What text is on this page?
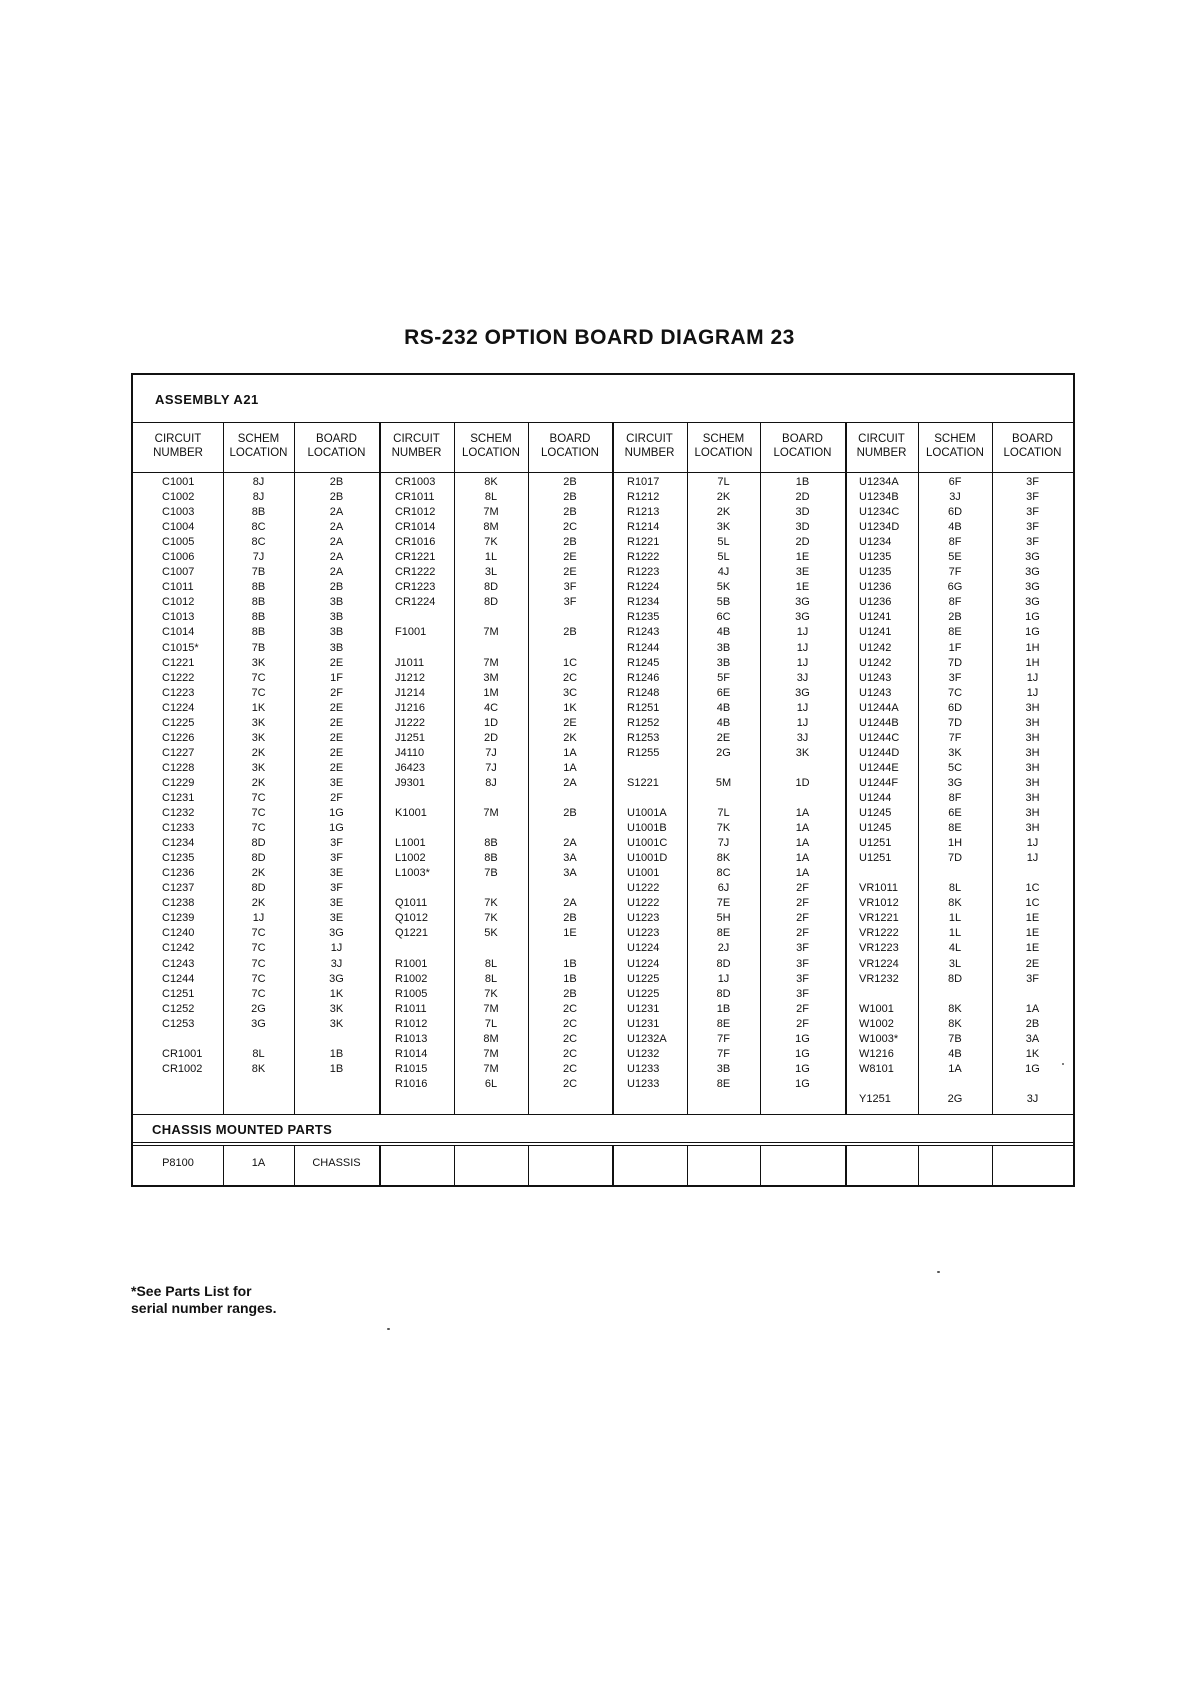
RS-232 OPTION BOARD DIAGRAM 23
ASSEMBLY A21
CIRCUIT
NUMBER
SCHEM
LOCATION
BOARD
LOCATION
CIRCUIT
NUMBER
SCHEM
LOCATION
BOARD
LOCATION
CIRCUIT
NUMBER
SCHEM
LOCATION
BOARD
LOCATION
CIRCUIT
NUMBER
SCHEM
LOCATION
BOARD
LOCATION
C1001
C1002
C1003
C1004
C1005
C1006
C1007
C1011
C1012
C1013
C1014
C1015*
C1221
C1222
C1223
C1224
C1225
C1226
C1227
C1228
C1229
C1231
C1232
C1233
C1234
C1235
C1236
C1237
C1238
C1239
C1240
C1242
C1243
C1244
C1251
C1252
C1253
CR1001
CR1002
8J
8J
8B
8C
8C
7J
7B
8B
8B
8B
8B
7B
3K
7C
7C
1K
3K
3K
2K
3K
2K
7C
7C
7C
8D
8D
2K
8D
2K
1J
7C
7C
7C
7C
7C
2G
3G
8L
8K
2B
2B
2A
2A
2A
2A
2A
2B
3B
3B
3B
3B
2E
1F
2F
2E
2E
2E
2E
2E
3E
2F
1G
1G
3F
3F
3E
3F
3E
3E
3G
1J
3J
3G
1K
3K
3K
1B
1B
CR1003
CR1011
CR1012
CR1014
CR1016
CR1221
CR1222
CR1223
CR1224
F1001
J1011
J1212
J1214
J1216
J1222
J1251
J4110
J6423
J9301
K1001
L1001
L1002
L1003*
Q1011
Q1012
Q1221
R1001
R1002
R1005
R1011
R1012
R1013
R1014
R1015
R1016
8K
8L
7M
8M
7K
1L
3L
8D
8D
7M
7M
3M
1M
4C
1D
2D
7J
7J
8J
7M
8B
8B
7B
7K
7K
5K
8L
8L
7K
7M
7L
8M
7M
7M
6L
2B
2B
2B
2C
2B
2E
2E
3F
3F
2B
1C
2C
3C
1K
2E
2K
1A
1A
2A
2B
2A
3A
3A
2A
2B
1E
1B
1B
2B
2C
2C
2C
2C
2C
2C
R1017
R1212
R1213
R1214
R1221
R1222
R1223
R1224
R1234
R1235
R1243
R1244
R1245
R1246
R1248
R1251
R1252
R1253
R1255
S1221
U1001A
U1001B
U1001C
U1001D
U1001
U1222
U1222
U1223
U1223
U1224
U1224
U1225
U1225
U1231
U1231
U1232A
U1232
U1233
U1233
7L
2K
2K
3K
5L
5L
4J
5K
5B
6C
4B
3B
3B
5F
6E
4B
4B
2E
2G
5M
7L
7K
7J
8K
8C
6J
7E
5H
8E
2J
8D
1J
8D
1B
8E
7F
7F
3B
8E
1B
2D
3D
3D
2D
1E
3E
1E
3G
3G
1J
1J
1J
3J
3G
1J
1J
3J
3K
1D
1A
1A
1A
1A
1A
2F
2F
2F
2F
3F
3F
3F
3F
2F
2F
1G
1G
1G
1G
U1234A
U1234B
U1234C
U1234D
U1234
U1235
U1235
U1236
U1236
U1241
U1241
U1242
U1242
U1243
U1243
U1244A
U1244B
U1244C
U1244D
U1244E
U1244F
U1244
U1245
U1245
U1251
U1251
VR1011
VR1012
VR1221
VR1222
VR1223
VR1224
VR1232
W1001
W1002
W1003*
W1216
W8101
Y1251
6F
3J
6D
4B
8F
5E
7F
6G
8F
2B
8E
1F
7D
3F
7C
6D
7D
7F
3K
5C
3G
8F
6E
8E
1H
7D
8L
8K
1L
1L
4L
3L
8D
8K
8K
7B
4B
1A
2G
3F
3F
3F
3F
3F
3G
3G
3G
3G
1G
1G
1H
1H
1J
1J
3H
3H
3H
3H
3H
3H
3H
3H
3H
1J
1J
1C
1C
1E
1E
1E
2E
3F
1A
2B
3A
1K
1G
3J
CHASSIS MOUNTED PARTS
P8100	1A	CHASSIS
*See Parts List for
serial number ranges.
